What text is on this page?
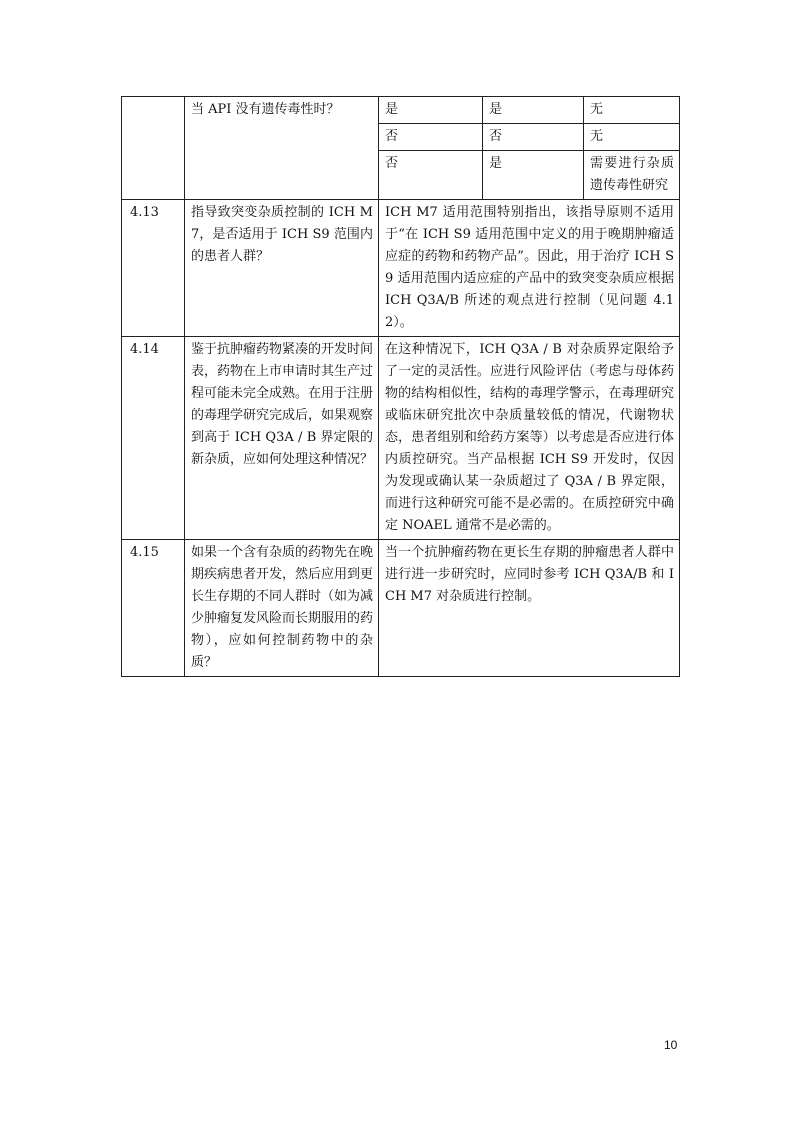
	当 API 没有遗传毒性时？	是	是	无
		否	否	无
		否	是	需要进行杂质遗传毒性研究
4.13	指导致突变杂质控制的 ICH M7，是否适用于 ICH S9 范围内的患者人群？	ICH M7 适用范围特别指出，该指导原则不适用于“在 ICH S9 适用范围中定义的用于晚期肿瘤适应症的药物和药物产品”。因此，用于治疗 ICH S9 适用范围内适应症的产品中的致突变杂质应根据 ICH Q3A/B 所述的观点进行控制（见问题 4.12）。		
4.14	鉴于抗肿瘤药物紧凑的开发时间表，药物在上市申请时其生产过程可能未完全成熟。在用于注册的毒理学研究完成后，如果观察到高于 ICH Q3A / B 界定限的新杂质，应如何处理这种情况？	在这种情况下，ICH Q3A / B 对杂质界定限给予了一定的灵活性。应进行风险评估（考虑与母体药物的结构相似性，结构的毒理学警示，在毒理研究或临床研究批次中杂质量较低的情况，代谢物状态，患者组别和给药方案等）以考虑是否应进行体内质控研究。当产品根据 ICH S9 开发时，仅因为发现或确认某一杂质超过了 Q3A / B 界定限，而进行这种研究可能不是必需的。在质控研究中确定 NOAEL 通常不是必需的。		
4.15	如果一个含有杂质的药物先在晚期疾病患者开发，然后应用到更长生存期的不同人群时（如为减少肿瘤复发风险而长期服用的药物），应如何控制药物中的杂质？	当一个抗肿瘤药物在更长生存期的肿瘤患者人群中进行进一步研究时，应同时参考 ICH Q3A/B 和 ICH M7 对杂质进行控制。		
10
